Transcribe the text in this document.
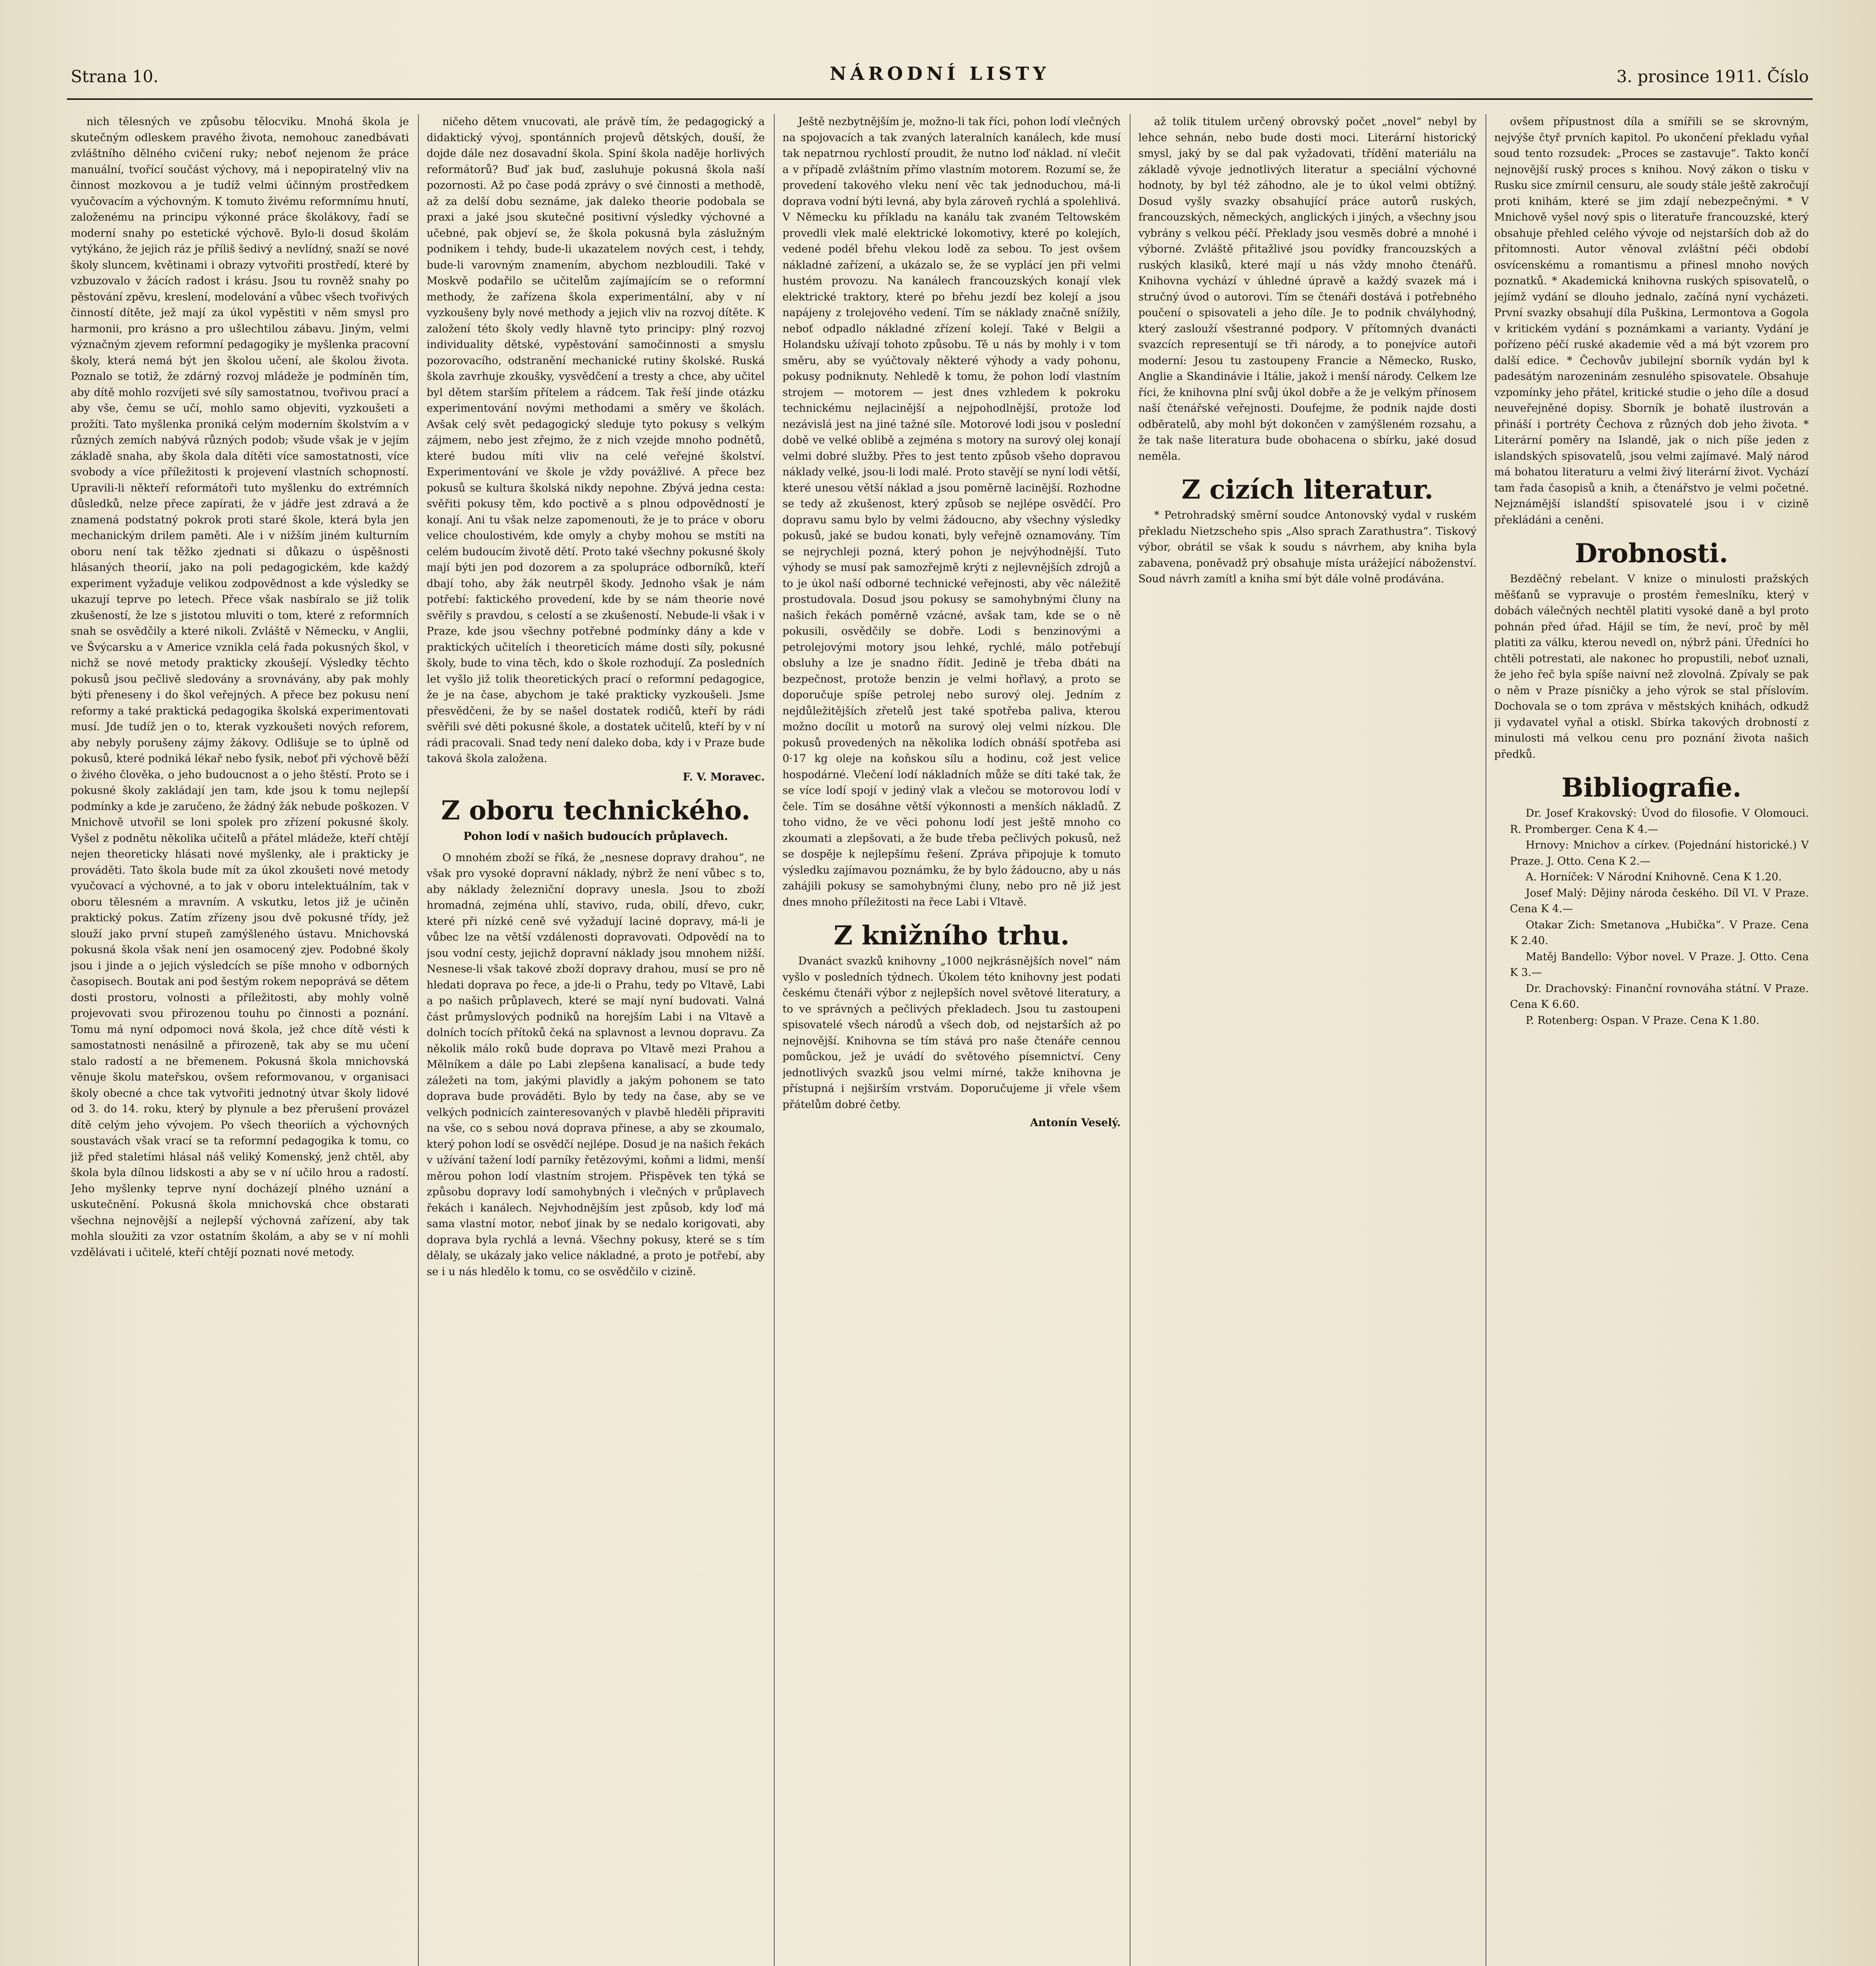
Strana 10.	NÁRODNÍ LISTY	3. prosince 1911. Číslo

nich tělesných ve způsobu tělocviku. Mnohá škola je skutečným odleskem pravého života, nemohouc zanedbávati zvláštního dělného cvičení ruky; neboť nejenom že práce manuální, tvořící součást výchovy, má i nepopiratelný vliv na činnost mozkovou a je tudíž velmi účinným prostředkem vyučovacím a výchovným. K tomuto živému reformnímu hnutí, založenému na principu výkonné práce školákovy, řadí se moderní snahy po estetické výchově. Bylo-li dosud školám vytýkáno, že jejich ráz je příliš šedivý a nevlídný, snaží se nové školy sluncem, květinami i obrazy vytvořiti prostředí, které by vzbuzovalo v žácích radost i krásu. Jsou tu rovněž snahy po pěstování zpěvu, kreslení, modelování a vůbec všech tvořivých činností dítěte, jež mají za úkol vypěstiti v něm smysl pro harmonii, pro krásno a pro ušlechtilou zábavu. Jiným, velmi význačným zjevem reformní pedagogiky je myšlenka pracovní školy, která nemá být jen školou učení, ale školou života. Poznalo se totiž, že zdárný rozvoj mládeže je podmíněn tím, aby dítě mohlo rozvíjeti své síly samostatnou, tvořivou prací a aby vše, čemu se učí, mohlo samo objeviti, vyzkoušeti a prožíti. Tato myšlenka proniká celým moderním školstvím a v různých zemích nabývá různých podob; všude však je v jejím základě snaha, aby škola dala dítěti více samostatnosti, více svobody a více příležitosti k projevení vlastních schopností. Upravili-li někteří reformátoři tuto myšlenku do extrémních důsledků, nelze přece zapírati, že v jádře jest zdravá a že znamená podstatný pokrok proti staré škole, která byla jen mechanickým drilem paměti. Ale i v nižším jiném kulturním oboru není tak těžko zjednati si důkazu o úspěšnosti hlásaných theorií, jako na poli pedagogickém, kde každý experiment vyžaduje velikou zodpovědnost a kde výsledky se ukazují teprve po letech. Přece však nasbíralo se již tolik zkušeností, že lze s jistotou mluviti o tom, které z reformních snah se osvědčily a které nikoli. Zvláště v Německu, v Anglii, ve Švýcarsku a v Americe vznikla celá řada pokusných škol, v nichž se nové metody prakticky zkoušejí. Výsledky těchto pokusů jsou pečlivě sledovány a srovnávány, aby pak mohly býti přeneseny i do škol veřejných. A přece bez pokusu není reformy a také praktická pedagogika školská experimentovati musí. Jde tudíž jen o to, kterak vyzkoušeti nových reforem, aby nebyly porušeny zájmy žákovy. Odlišuje se to úplně od pokusů, které podniká lékař nebo fysik, neboť při výchově běží o živého člověka, o jeho budoucnost a o jeho štěstí. Proto se i pokusné školy zakládají jen tam, kde jsou k tomu nejlepší podmínky a kde je zaručeno, že žádný žák nebude poškozen. V Mnichově utvořil se loni spolek pro zřízení pokusné školy. Vyšel z podnětu několika učitelů a přátel mládeže, kteří chtějí nejen theoreticky hlásati nové myšlenky, ale i prakticky je prováděti. Tato škola bude mít za úkol zkoušeti nové metody vyučovací a výchovné, a to jak v oboru intelektuálním, tak v oboru tělesném a mravním. A vskutku, letos již je učiněn praktický pokus. Zatím zřízeny jsou dvě pokusné třídy, jež slouží jako první stupeň zamýšleného ústavu. Mnichovská pokusná škola však není jen osamocený zjev. Podobné školy jsou i jinde a o jejich výsledcích se píše mnoho v odborných časopisech. Boutak ani pod šestým rokem nepoprává se dětem dosti prostoru, volnosti a příležitosti, aby mohly volně projevovati svou přirozenou touhu po činnosti a poznání. Tomu má nyní odpomoci nová škola, jež chce dítě vésti k samostatnosti nenásilně a přirozeně, tak aby se mu učení stalo radostí a ne břemenem. Pokusná škola mnichovská věnuje školu mateřskou, ovšem reformovanou, v organisaci školy obecné a chce tak vytvořiti jednotný útvar školy lidové od 3. do 14. roku, který by plynule a bez přerušení provázel dítě celým jeho vývojem. Po všech theoriích a výchovných soustavách však vrací se ta reformní pedagogika k tomu, co již před staletími hlásal náš veliký Komenský, jenž chtěl, aby škola byla dílnou lidskosti a aby se v ní učilo hrou a radostí. Jeho myšlenky teprve nyní docházejí plného uznání a uskutečnění. Pokusná škola mnichovská chce obstarati všechna nejnovější a nejlepší výchovná zařízení, aby tak mohla sloužiti za vzor ostatním školám, a aby se v ní mohli vzdělávati i učitelé, kteří chtějí poznati nové metody.

ničeho dětem vnucovati, ale právě tím, že pedagogický a didaktický vývoj, spontánních projevů dětských, douší, že dojde dále nez dosavadní škola. Spiní škola naděje horlivých reformátorů? Buď jak buď, zasluhuje pokusná škola naší pozornosti. Až po čase podá zprávy o své činnosti a methodě, až za delší dobu seznáme, jak daleko theorie podobala se praxi a jaké jsou skutečné positivní výsledky výchovné a učebné, pak objeví se, že škola pokusná byla záslužným podnikem i tehdy, bude-li ukazatelem nových cest, i tehdy, bude-li varovným znamením, abychom nezbloudili. Také v Moskvě podařilo se učitelům zajímajícím se o reformní methody, že zařízena škola experimentální, aby v ní vyzkoušeny byly nové methody a jejich vliv na rozvoj dítěte. K založení této školy vedly hlavně tyto principy: plný rozvoj individuality dětské, vypěstování samočinnosti a smyslu pozorovacího, odstranění mechanické rutiny školské. Ruská škola zavrhuje zkoušky, vysvědčení a tresty a chce, aby učitel byl dětem starším přítelem a rádcem. Tak řeší jinde otázku experimentování novými methodami a směry ve školách. Avšak celý svět pedagogický sleduje tyto pokusy s velkým zájmem, nebo jest zřejmo, že z nich vzejde mnoho podnětů, které budou míti vliv na celé veřejné školství. Experimentování ve škole je vždy povážlivé. A přece bez pokusů se kultura školská nikdy nepohne. Zbývá jedna cesta: svěřiti pokusy těm, kdo poctivě a s plnou odpovědností je konají. Ani tu však nelze zapomenouti, že je to práce v oboru velice choulostivém, kde omyly a chyby mohou se mstíti na celém budoucím životě dětí. Proto také všechny pokusné školy mají býti jen pod dozorem a za spolupráce odborníků, kteří dbají toho, aby žák neutrpěl škody. Jednoho však je nám potřebí: faktického provedení, kde by se nám theorie nové svěřily s pravdou, s celostí a se zkušeností. Nebude-li však i v Praze, kde jsou všechny potřebné podmínky dány a kde v praktických učitelích i theoreticích máme dosti síly, pokusné školy, bude to vina těch, kdo o škole rozhodují. Za posledních let vyšlo již tolik theoretických prací o reformní pedagogice, že je na čase, abychom je také prakticky vyzkoušeli. Jsme přesvědčeni, že by se našel dostatek rodičů, kteří by rádi svěřili své děti pokusné škole, a dostatek učitelů, kteří by v ní rádi pracovali. Snad tedy není daleko doba, kdy i v Praze bude taková škola založena.

F. V. Moravec.
Z oboru technického.
Pohon lodí v našich budoucích průplavech.

O mnohém zboží se říká, že „nesnese dopravy drahou“, ne však pro vysoké dopravní náklady, nýbrž že není vůbec s to, aby náklady železniční dopravy unesla. Jsou to zboží hromadná, zejména uhlí, stavivo, ruda, obilí, dřevo, cukr, které při nízké ceně své vyžadují laciné dopravy, má-li je vůbec lze na větší vzdálenosti dopravovati. Odpovědí na to jsou vodní cesty, jejichž dopravní náklady jsou mnohem nižší. Nesnese-li však takové zboží dopravy drahou, musí se pro ně hledati doprava po řece, a jde-li o Prahu, tedy po Vltavě, Labi a po našich průplavech, které se mají nyní budovati. Valná část průmyslových podniků na horejším Labi i na Vltavě a dolních tocích přítoků čeká na splavnost a levnou dopravu. Za několik málo roků bude doprava po Vltavě mezi Prahou a Mělníkem a dále po Labi zlepšena kanalisací, a bude tedy záležeti na tom, jakými plavidly a jakým pohonem se tato doprava bude prováděti. Bylo by tedy na čase, aby se ve velkých podnicích zainteresovaných v plavbě hleděli připraviti na vše, co s sebou nová doprava přinese, a aby se zkoumalo, který pohon lodí se osvědčí nejlépe. Dosud je na našich řekách v užívání tažení lodí parníky řetězovými, koňmi a lidmi, menší měrou pohon lodí vlastním strojem. Přispěvek ten týká se způsobu dopravy lodí samohybných i vlečných v průplavech řekách i kanálech. Nejvhodnějším jest způsob, kdy loď má sama vlastní motor, neboť jinak by se nedalo korigovati, aby doprava byla rychlá a levná. Všechny pokusy, které se s tím dělaly, se ukázaly jako velice nákladné, a proto je potřebí, aby se i u nás hledělo k tomu, co se osvědčilo v cizině.

Ještě nezbytnějším je, možno-li tak říci, pohon lodí vlečných na spojovacích a tak zvaných lateralních kanálech, kde musí tak nepatrnou rychlostí proudit, že nutno loď náklad. ní vlečit a v případě zvláštním přímo vlastním motorem. Rozumí se, že provedení takového vleku není věc tak jednoduchou, má-li doprava vodní býti levná, aby byla zároveň rychlá a spolehlivá. V Německu ku příkladu na kanálu tak zvaném Teltowském provedli vlek malé elektrické lokomotivy, které po kolejích, vedené podél břehu vlekou lodě za sebou. To jest ovšem nákladné zařízení, a ukázalo se, že se vyplácí jen při velmi hustém provozu. Na kanálech francouzských konají vlek elektrické traktory, které po břehu jezdí bez kolejí a jsou napájeny z trolejového vedení. Tím se náklady značně snížily, neboť odpadlo nákladné zřízení kolejí. Také v Belgii a Holandsku užívají tohoto způsobu. Tě u nás by mohly i v tom směru, aby se vyúčtovaly některé výhody a vady pohonu, pokusy podniknuty. Nehledě k tomu, že pohon lodí vlastním strojem — motorem — jest dnes vzhledem k pokroku technickému nejlacinější a nejpohodlnější, protože loď nezávislá jest na jiné tažné síle. Motorové lodi jsou v poslední době ve velké oblibě a zejména s motory na surový olej konají velmi dobré služby. Přes to jest tento způsob všeho dopravou náklady velké, jsou-li lodi malé. Proto stavějí se nyní lodi větší, které unesou větší náklad a jsou poměrně lacinější. Rozhodne se tedy až zkušenost, který způsob se nejlépe osvědčí. Pro dopravu samu bylo by velmi žádoucno, aby všechny výsledky pokusů, jaké se budou konati, byly veřejně oznamovány. Tím se nejrychleji pozná, který pohon je nejvýhodnější. Tuto výhody se musí pak samozřejmě krýti z nejlevnějších zdrojů a to je úkol naší odborné technické veřejnosti, aby věc náležitě prostudovala. Dosud jsou pokusy se samohybnými čluny na našich řekách poměrně vzácné, avšak tam, kde se o ně pokusili, osvědčily se dobře. Lodi s benzinovými a petrolejovými motory jsou lehké, rychlé, málo potřebují obsluhy a lze je snadno řídit. Jedině je třeba dbáti na bezpečnost, protože benzin je velmi hořlavý, a proto se doporučuje spíše petrolej nebo surový olej. Jedním z nejdůležitějších zřetelů jest také spotřeba paliva, kterou možno docílit u motorů na surový olej velmi nízkou. Dle pokusů provedených na několika lodích obnáší spotřeba asi 0·17 kg oleje na koňskou sílu a hodinu, což jest velice hospodárné. Vlečení lodí nákladních může se díti také tak, že se více lodí spojí v jediný vlak a vlečou se motorovou lodí v čele. Tím se dosáhne větší výkonnosti a menších nákladů. Z toho vidno, že ve věci pohonu lodí jest ještě mnoho co zkoumati a zlepšovati, a že bude třeba pečlivých pokusů, než se dospěje k nejlepšímu řešení. Zpráva připojuje k tomuto výsledku zajímavou poznámku, že by bylo žádoucno, aby u nás zahájili pokusy se samohybnými čluny, nebo pro ně již jest dnes mnoho příležitosti na řece Labi i Vltavě.

Z knižního trhu.

Dvanáct svazků knihovny „1000 nejkrásnějších novel“ nám vyšlo v posledních týdnech. Úkolem této knihovny jest podati českému čtenáři výbor z nejlepších novel světové literatury, a to ve správných a pečlivých překladech. Jsou tu zastoupeni spisovatelé všech národů a všech dob, od nejstarších až po nejnovější. Knihovna se tím stává pro naše čtenáře cennou pomůckou, jež je uvádí do světového písemnictví. Ceny jednotlivých svazků jsou velmi mírné, takže knihovna je přístupná i nejširším vrstvám. Doporučujeme ji vřele všem přátelům dobré četby.

Antonín Veselý.

až tolik titulem určený obrovský počet „novel“ nebyl by lehce sehnán, nebo bude dosti moci. Literární historický smysl, jaký by se dal pak vyžadovati, třídění materiálu na základě vývoje jednotlivých literatur a speciální výchovné hodnoty, by byl též záhodno, ale je to úkol velmi obtížný. Dosud vyšly svazky obsahující práce autorů ruských, francouzských, německých, anglických i jiných, a všechny jsou vybrány s velkou péčí. Překlady jsou vesměs dobré a mnohé i výborné. Zvláště přitažlivé jsou povídky francouzských a ruských klasiků, které mají u nás vždy mnoho čtenářů. Knihovna vychází v úhledné úpravě a každý svazek má i stručný úvod o autorovi. Tím se čtenáři dostává i potřebného poučení o spisovateli a jeho díle. Je to podnik chvályhodný, který zaslouží všestranné podpory. V přítomných dvanácti svazcích representují se tři národy, a to ponejvíce autoři moderní: Jesou tu zastoupeny Francie a Německo, Rusko, Anglie a Skandinávie i Itálie, jakož i menší národy. Celkem lze říci, že knihovna plní svůj úkol dobře a že je velkým přínosem naší čtenářské veřejnosti. Doufejme, že podnik najde dosti odběratelů, aby mohl být dokončen v zamýšleném rozsahu, a že tak naše literatura bude obohacena o sbírku, jaké dosud neměla.

Z cizích literatur.

* Petrohradský směrní soudce Antonovský vydal v ruském překladu Nietzscheho spis „Also sprach Zarathustra“. Tiskový výbor, obrátil se však k soudu s návrhem, aby kniha byla zabavena, poněvadž prý obsahuje místa urážející náboženství. Soud návrh zamítl a kniha smí být dále volně prodávána.

ovšem přípustnost díla a smířili se se skrovným, nejvýše čtyř prvních kapitol. Po ukončení překladu vyňal soud tento rozsudek: „Proces se zastavuje“. Takto končí nejnovější ruský proces s knihou. Nový zákon o tisku v Rusku sice zmírnil censuru, ale soudy stále ještě zakročují proti knihám, které se jim zdají nebezpečnými. * V Mnichově vyšel nový spis o literatuře francouzské, který obsahuje přehled celého vývoje od nejstarších dob až do přítomnosti. Autor věnoval zvláštní péči období osvícenskému a romantismu a přinesl mnoho nových poznatků. * Akademická knihovna ruských spisovatelů, o jejímž vydání se dlouho jednalo, začíná nyní vycházeti. První svazky obsahují díla Puškina, Lermontova a Gogola v kritickém vydání s poznámkami a varianty. Vydání je pořízeno péčí ruské akademie věd a má být vzorem pro další edice. * Čechovův jubilejní sborník vydán byl k padesátým narozeninám zesnulého spisovatele. Obsahuje vzpomínky jeho přátel, kritické studie o jeho díle a dosud neuveřejněné dopisy. Sborník je bohatě ilustrován a přináší i portréty Čechova z různých dob jeho života. * Literární poměry na Islandě, jak o nich píše jeden z islandských spisovatelů, jsou velmi zajímavé. Malý národ má bohatou literaturu a velmi živý literární život. Vychází tam řada časopisů a knih, a čtenářstvo je velmi početné. Nejznámější islandští spisovatelé jsou i v cizině překládáni a ceněni.

Drobnosti.

Bezděčný rebelant. V knize o minulosti pražských měšťanů se vypravuje o prostém řemeslníku, který v dobách válečných nechtěl platiti vysoké daně a byl proto pohnán před úřad. Hájil se tím, že neví, proč by měl platiti za válku, kterou nevedl on, nýbrž páni. Úředníci ho chtěli potrestati, ale nakonec ho propustili, neboť uznali, že jeho řeč byla spíše naivní než zlovolná. Zpívaly se pak o něm v Praze písničky a jeho výrok se stal příslovím. Dochovala se o tom zpráva v městských knihách, odkudž ji vydavatel vyňal a otiskl. Sbírka takových drobností z minulosti má velkou cenu pro poznání života našich předků.

Bibliografie.

Dr. Josef Krakovský: Úvod do filosofie. V Olomouci. R. Promberger. Cena K 4.—

Hrnovy: Mnichov a církev. (Pojednání historické.) V Praze. J. Otto. Cena K 2.—

A. Horníček: V Národní Knihovně. Cena K 1.20.

Josef Malý: Dějiny národa českého. Díl VI. V Praze. Cena K 4.—

Otakar Zich: Smetanova „Hubička“. V Praze. Cena K 2.40.

Matěj Bandello: Výbor novel. V Praze. J. Otto. Cena K 3.—

Dr. Drachovský: Finanční rovnováha státní. V Praze. Cena K 6.60.

P. Rotenberg: Ospan. V Praze. Cena K 1.80.
